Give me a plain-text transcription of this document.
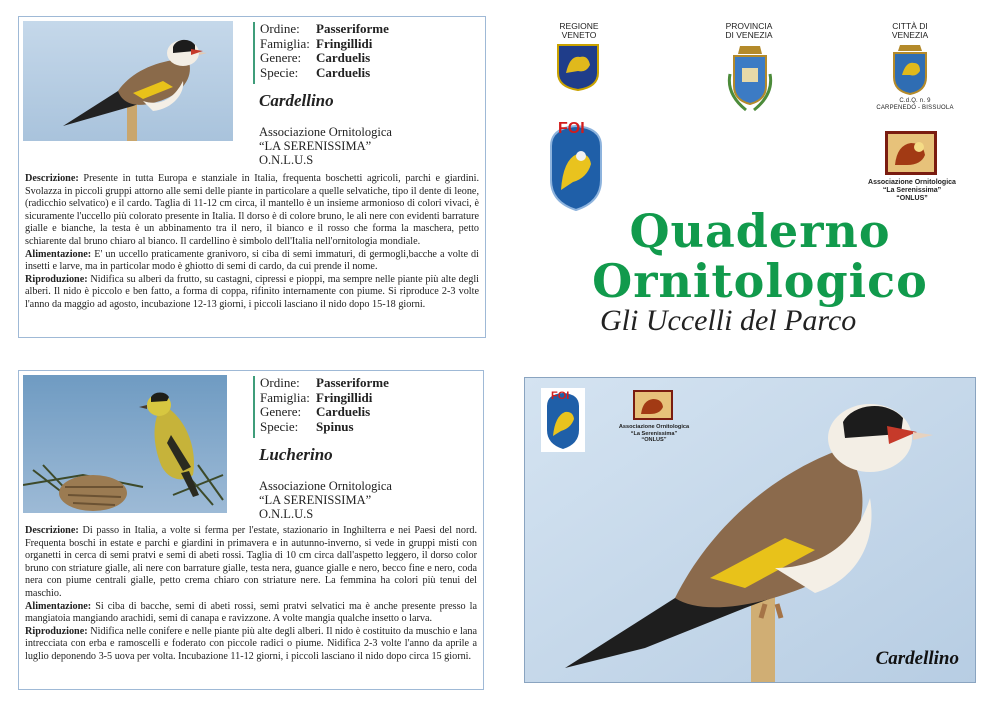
Ordine:	Passeriforme
Famiglia: Fringillidi
Genere:	Carduelis
Specie:	Carduelis
Cardellino
Associazione Ornitologica
“LA SERENISSIMA”
O.N.L.U.S
Descrizione: Presente in tutta Europa e stanziale in Italia, frequenta boschetti agricoli, parchi e giardini. Svolazza in piccoli gruppi attorno alle semi delle piante in particolare a quelle selvatiche, tipo il dente di leone, (radicchio selvatico) e il cardo. Taglia di 11-12 cm circa, il mantello è un insieme armonioso di colori vivaci, è sicuramente l'uccello più colorato presente in Italia. Il dorso è di colore bruno, le ali nere con evidenti barrature gialle e bianche, la testa è un abbinamento tra il nero, il bianco e il rosso che forma la maschera, petto schiarente dal bruno chiaro al bianco. Il cardellino è simbolo dell'Italia nell'ornitologia mondiale.
Alimentazione: E' un uccello praticamente granivoro, si ciba di semi immaturi, di germogli,bacche a volte di insetti e larve, ma in particolar modo è ghiotto di semi di cardo, da cui prende il nome.
Riproduzione: Nidifica su alberi da frutto, su castagni, cipressi e pioppi, ma sempre nelle piante più alte degli alberi. Il nido è piccolo e ben fatto, a forma di coppa, rifinito internamente con piume. Si riproduce 2-3 volte l'anno da maggio ad agosto, incubazione 12-13 giorni, i piccoli lasciano il nido dopo 15-18 giorni.
Ordine:	Passeriforme
Famiglia: Fringillidi
Genere:	Carduelis
Specie:	Spinus
Lucherino
Associazione Ornitologica
“LA SERENISSIMA”
O.N.L.U.S
Descrizione: Di passo in Italia, a volte si ferma per l'estate, stazionario in Inghilterra e nei Paesi del nord. Frequenta boschi in estate e parchi e giardini in primavera e in autunno-inverno, si vede in gruppi misti con organetti in cerca di semi pratvi e semi di abeti rossi. Taglia di 10 cm circa dall'aspetto leggero, il dorso color bruno con striature gialle, ali nere con barrature gialle, testa nera, guance gialle e nero, becco fine e nero, coda nera con piume centrali gialle, petto crema chiaro con striature nere. La femmina ha colori più tenui del maschio.
Alimentazione: Si ciba di bacche, semi di abeti rossi, semi pratvi selvatici ma è anche presente presso la mangiatoia mangiando arachidi, semi di canapa e ravizzone. A volte mangia qualche insetto o larva.
Riproduzione: Nidifica nelle conifere e nelle piante più alte degli alberi. Il nido è costituito da muschio e lana intrecciata con erba e ramoscelli e foderato con piccole radici o piume. Nidifica 2-3 volte l'anno da aprile a luglio deponendo 3-5 uova per volta. Incubazione 11-12 giorni, i piccoli lasciano il nido dopo circa 15 giorni.
REGIONE
VENETO
PROVINCIA
DI VENEZIA
CITTÀ DI
VENEZIA
C.d.Q. n. 9
CARPENEDO - BISSUOLA
FOI
Associazione Ornitologica
“La Serenissima”
“ONLUS”
Quaderno
Ornitologico
Gli Uccelli del Parco
FOI
Associazione Ornitologica
“La Serenissima”
“ONLUS”
Cardellino
